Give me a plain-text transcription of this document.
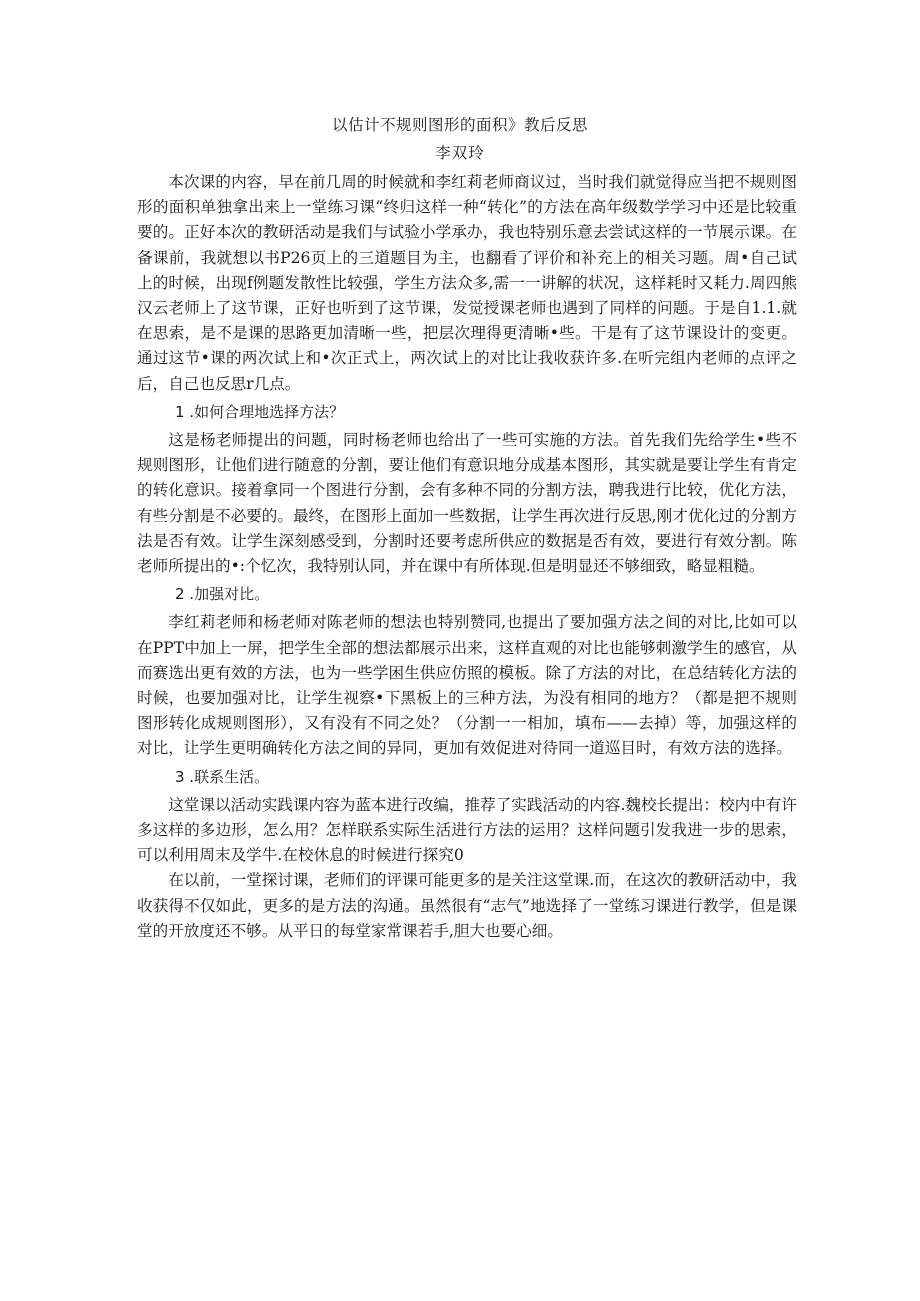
以估计不规则图形的面积》教后反思
李双玲

本次课的内容，早在前几周的时候就和李红莉老师商议过，当时我们就觉得应当把不规则图形的面积单独拿出来上一堂练习课“终归这样一种“转化”的方法在高年级数学学习中还是比较重要的。正好本次的教研活动是我们与试验小学承办，我也特别乐意去尝试这样的一节展示课。在备课前，我就想以书P26页上的三道题目为主，也翻看了评价和补充上的相关习题。周•自己试上的时候，出现f例题发散性比较强，学生方法众多,需一一讲解的状况，这样耗时又耗力.周四熊汉云老师上了这节课，正好也听到了这节课，发觉授课老师也遇到了同样的问题。于是自1.1.就在思索，是不是课的思路更加清晰一些，把层次理得更清晰•些。干是有了这节课设计的变更。通过这节•课的两次试上和•次正式上，两次试上的对比让我收获许多.在听完组内老师的点评之后，自己也反思r几点。

1 .如何合理地选择方法？

这是杨老师提出的问题，同时杨老师也给出了一些可实施的方法。首先我们先给学生•些不规则图形，让他们进行随意的分割，要让他们有意识地分成基本图形，其实就是要让学生有肯定的转化意识。接着拿同一个图进行分割，会有多种不同的分割方法，聘我进行比较，优化方法，有些分割是不必要的。最终，在图形上面加一些数据，让学生再次进行反思,刚才优化过的分割方法是否有效。让学生深刻感受到，分割时还要考虑所供应的数据是否有效，要进行有效分割。陈老师所提出的•:个忆次，我特别认同，并在课中有所体现.但是明显还不够细致，略显粗糙。

2 .加强对比。

李红莉老师和杨老师对陈老师的想法也特别赞同,也提出了要加强方法之间的对比,比如可以在PPT中加上一屏，把学生全部的想法都展示出来，这样直观的对比也能够刺激学生的感官，从而赛选出更有效的方法，也为一些学困生供应仿照的模板。除了方法的对比，在总结转化方法的时候，也要加强对比，让学生视察•下黑板上的三种方法，为没有相同的地方？（都是把不规则图形转化成规则图形），又有没有不同之处？（分割一一相加，填布——去掉）等，加强这样的对比，让学生更明确转化方法之间的异同，更加有效促进对待同一道巡目时，有效方法的选择。

3 .联系生活。

这堂课以活动实践课内容为蓝本进行改编，推荐了实践活动的内容.魏校长提出：校内中有许多这样的多边形，怎么用？怎样联系实际生活进行方法的运用？这样问题引发我进一步的思索，可以利用周末及学牛.在校休息的时候进行探究0

在以前，一堂探讨课，老师们的评课可能更多的是关注这堂课.而，在这次的教研活动中，我收获得不仅如此，更多的是方法的沟通。虽然很有“志气”地选择了一堂练习课进行教学，但是课堂的开放度还不够。从平日的每堂家常课若手,胆大也要心细。
